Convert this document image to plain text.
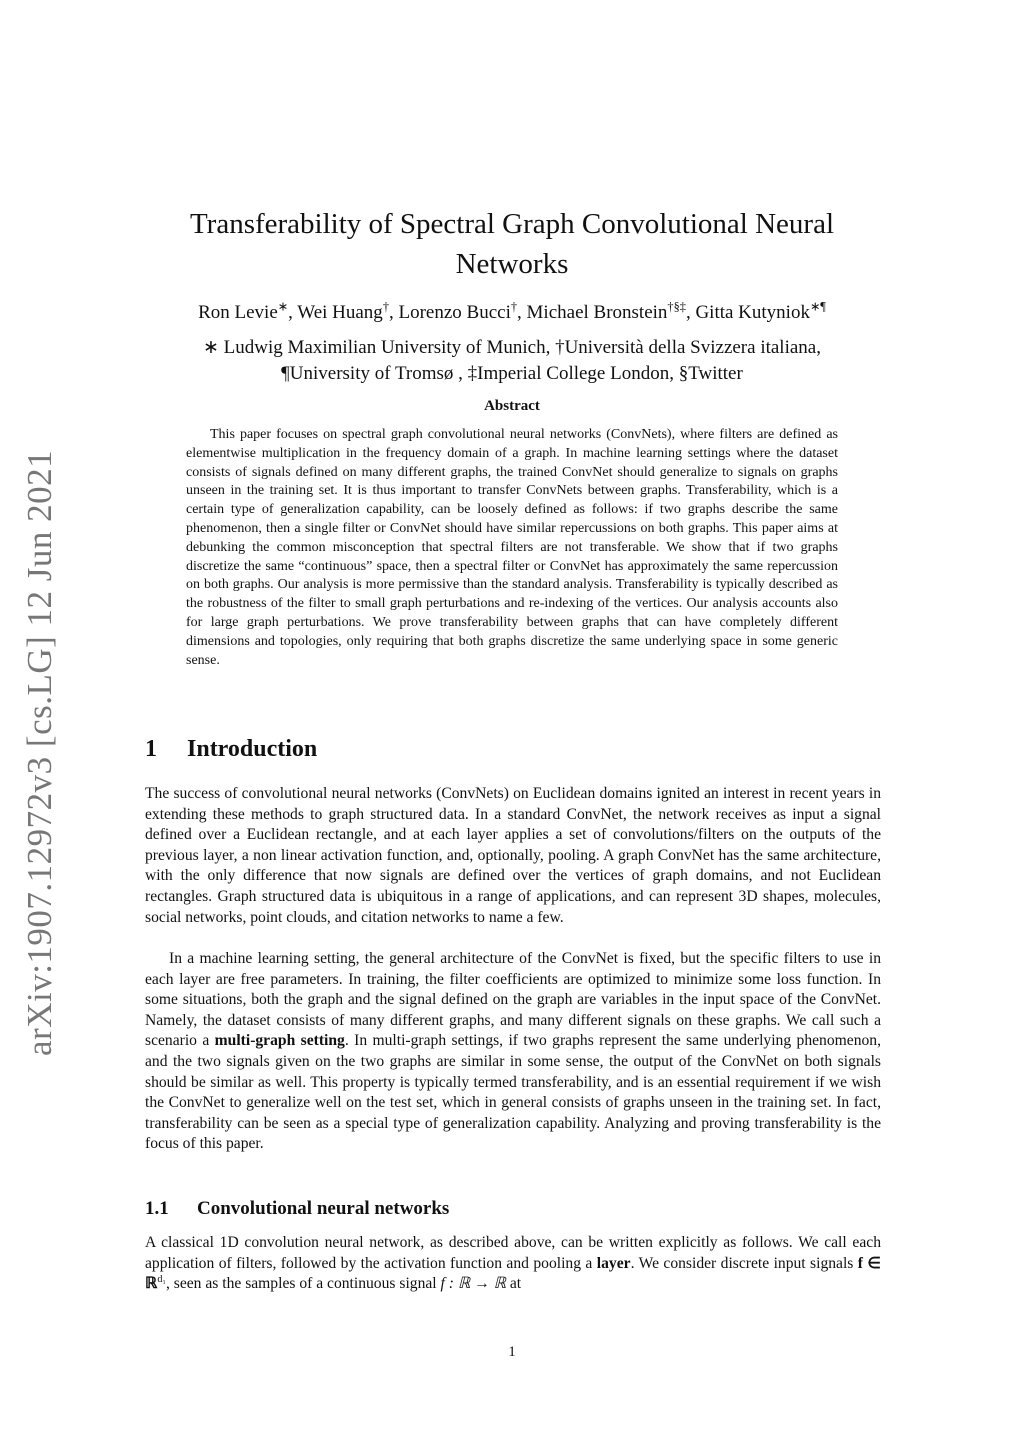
arXiv:1907.12972v3 [cs.LG] 12 Jun 2021
Transferability of Spectral Graph Convolutional Neural Networks
Ron Levie∗, Wei Huang†, Lorenzo Bucci†, Michael Bronstein†§‡, Gitta Kutyniok∗¶
∗ Ludwig Maximilian University of Munich, †Università della Svizzera italiana,
¶University of Tromsø , ‡Imperial College London, §Twitter
Abstract

This paper focuses on spectral graph convolutional neural networks (ConvNets), where filters are defined as elementwise multiplication in the frequency domain of a graph. In machine learning settings where the dataset consists of signals defined on many different graphs, the trained ConvNet should generalize to signals on graphs unseen in the training set. It is thus important to transfer ConvNets between graphs. Transferability, which is a certain type of generalization capability, can be loosely defined as follows: if two graphs describe the same phenomenon, then a single filter or ConvNet should have similar repercussions on both graphs. This paper aims at debunking the common misconception that spectral filters are not transferable. We show that if two graphs discretize the same “continuous” space, then a spectral filter or ConvNet has approximately the same repercussion on both graphs. Our analysis is more permissive than the standard analysis. Transferability is typically described as the robustness of the filter to small graph perturbations and re-indexing of the vertices. Our analysis accounts also for large graph perturbations. We prove transferability between graphs that can have completely different dimensions and topologies, only requiring that both graphs discretize the same underlying space in some generic sense.

1 Introduction

The success of convolutional neural networks (ConvNets) on Euclidean domains ignited an interest in recent years in extending these methods to graph structured data. In a standard ConvNet, the network receives as input a signal defined over a Euclidean rectangle, and at each layer applies a set of convolutions/filters on the outputs of the previous layer, a non linear activation function, and, optionally, pooling. A graph ConvNet has the same architecture, with the only difference that now signals are defined over the vertices of graph domains, and not Euclidean rectangles. Graph structured data is ubiquitous in a range of applications, and can represent 3D shapes, molecules, social networks, point clouds, and citation networks to name a few.

In a machine learning setting, the general architecture of the ConvNet is fixed, but the specific filters to use in each layer are free parameters. In training, the filter coefficients are optimized to minimize some loss function. In some situations, both the graph and the signal defined on the graph are variables in the input space of the ConvNet. Namely, the dataset consists of many different graphs, and many different signals on these graphs. We call such a scenario a multi-graph setting. In multi-graph settings, if two graphs represent the same underlying phenomenon, and the two signals given on the two graphs are similar in some sense, the output of the ConvNet on both signals should be similar as well. This property is typically termed transferability, and is an essential requirement if we wish the ConvNet to generalize well on the test set, which in general consists of graphs unseen in the training set. In fact, transferability can be seen as a special type of generalization capability. Analyzing and proving transferability is the focus of this paper.

1.1 Convolutional neural networks

A classical 1D convolution neural network, as described above, can be written explicitly as follows. We call each application of filters, followed by the activation function and pooling a layer. We consider discrete input signals f ∈ ℝ$^{d_1}$, seen as the samples of a continuous signal f : ℝ → ℝ at

1
